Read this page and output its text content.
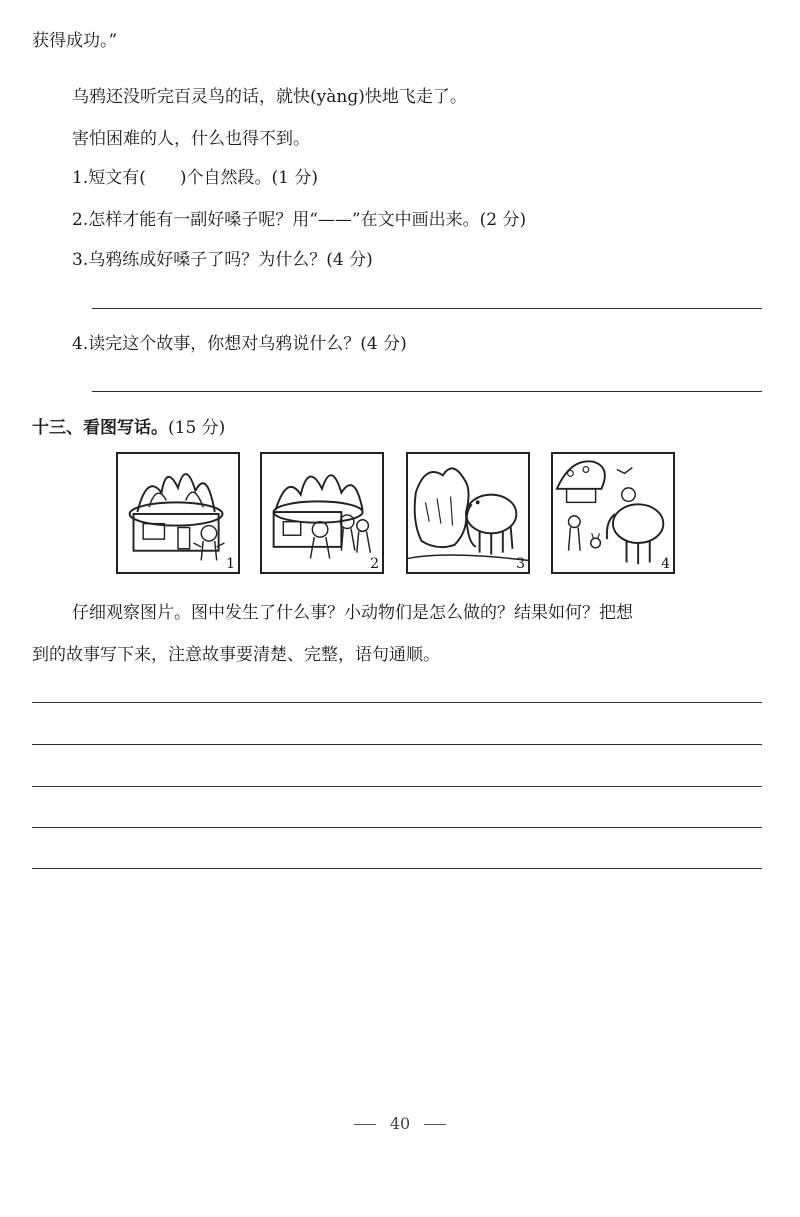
获得成功。”
乌鸦还没听完百灵鸟的话，就快(yànɡ)快地飞走了。
害怕困难的人，什么也得不到。
1.短文有(　　)个自然段。(1 分)
2.怎样才能有一副好嗓子呢？用“——”在文中画出来。(2 分)
3.乌鸦练成好嗓子了吗？为什么？(4 分)
4.读完这个故事，你想对乌鸦说什么？(4 分)
十三、看图写话。(15 分)
1	2	3	4
仔细观察图片。图中发生了什么事？小动物们是怎么做的？结果如何？把想
到的故事写下来，注意故事要清楚、完整，语句通顺。
40
